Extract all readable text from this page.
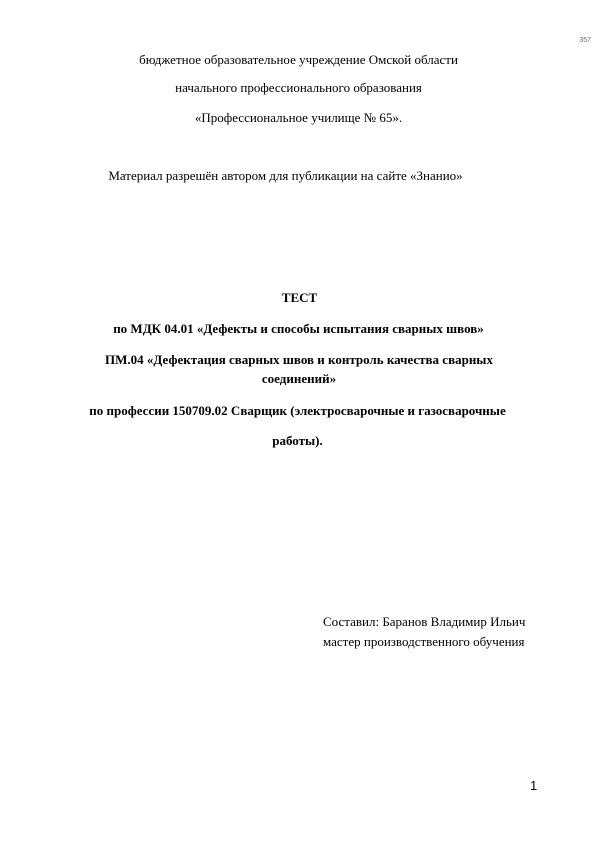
357
бюджетное образовательное учреждение Омской области
начального профессионального образования
«Профессиональное училище № 65».
Материал разрешён автором для публикации на сайте «Знанио»
ТЕСТ
по МДК 04.01 «Дефекты и способы испытания сварных швов»
ПМ.04 «Дефектация сварных швов и контроль качества сварных соединений»
по профессии 150709.02 Сварщик (электросварочные и газосварочные
работы).
Составил: Баранов Владимир Ильич
мастер производственного обучения
1
